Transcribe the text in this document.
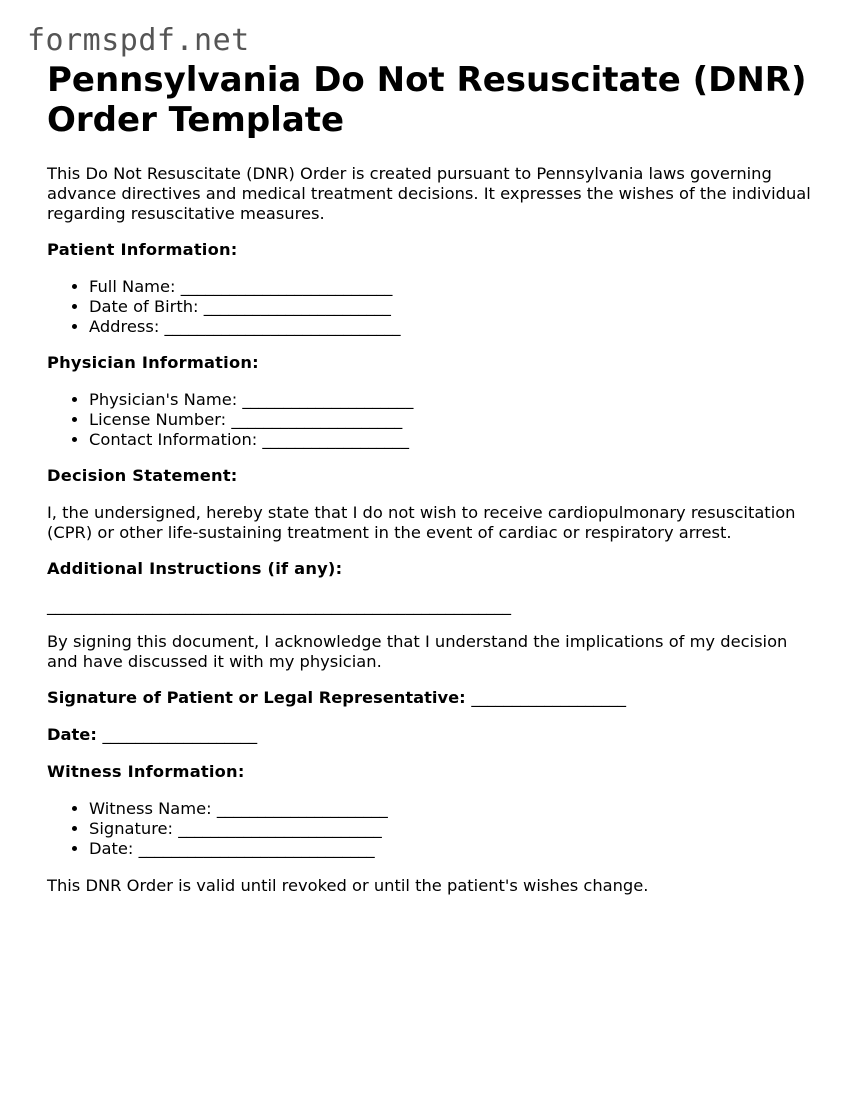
formspdf.net
Pennsylvania Do Not Resuscitate (DNR) Order Template

This Do Not Resuscitate (DNR) Order is created pursuant to Pennsylvania laws governing advance directives and medical treatment decisions. It expresses the wishes of the individual regarding resuscitative measures.

Patient Information:
• Full Name: __________________________
• Date of Birth: _______________________
• Address: _____________________________
Physician Information:
• Physician's Name: _____________________
• License Number: _____________________
• Contact Information: __________________
Decision Statement:

I, the undersigned, hereby state that I do not wish to receive cardiopulmonary resuscitation (CPR) or other life-sustaining treatment in the event of cardiac or respiratory arrest.

Additional Instructions (if any):

_________________________________________________________

By signing this document, I acknowledge that I understand the implications of my decision and have discussed it with my physician.

Signature of Patient or Legal Representative: ___________________

Date: ___________________

Witness Information:
• Witness Name: _____________________
• Signature: _________________________
• Date: _____________________________

This DNR Order is valid until revoked or until the patient's wishes change.
